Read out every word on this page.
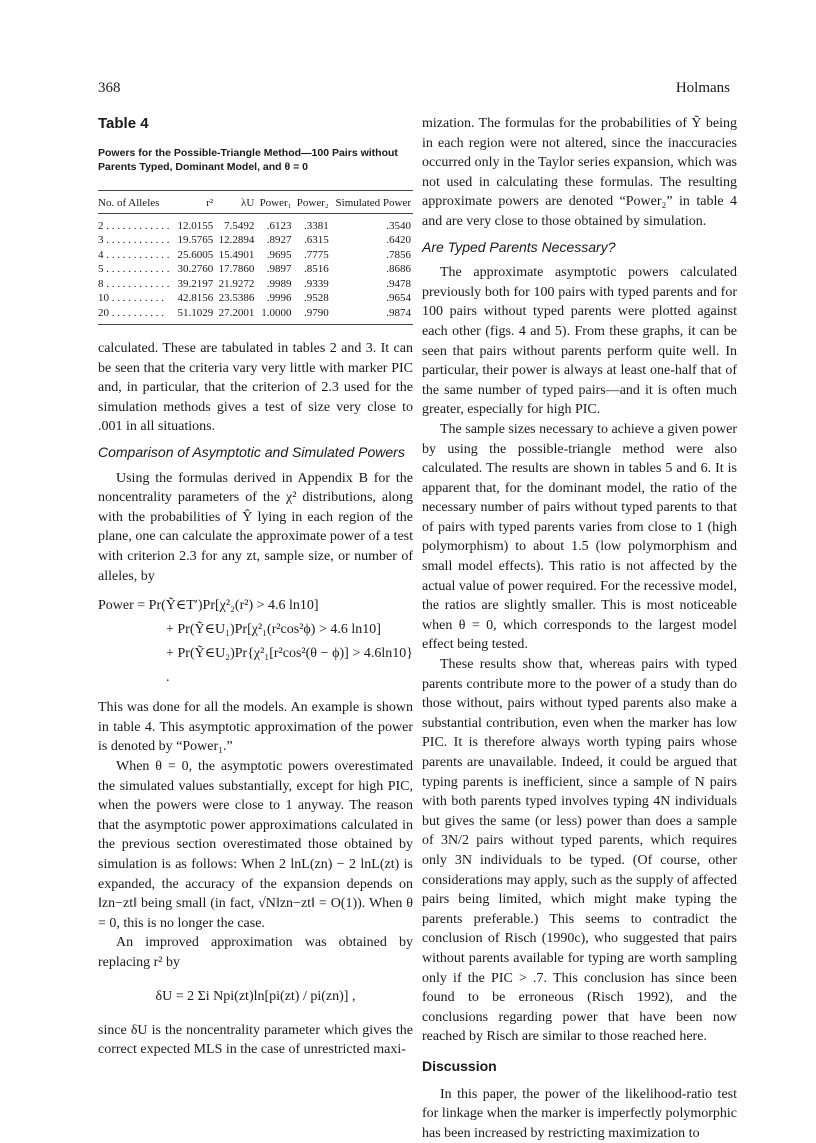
368	Holmans
Table 4
Powers for the Possible-Triangle Method—100 Pairs without Parents Typed, Dominant Model, and θ = 0
No. of Alleles	r²	λU	Power₁	Power₂	Simulated Power
2 . . . . . . . . . . . .	12.0155	7.5492	.6123	.3381	.3540
3 . . . . . . . . . . . .	19.5765	12.2894	.8927	.6315	.6420
4 . . . . . . . . . . . .	25.6005	15.4901	.9695	.7775	.7856
5 . . . . . . . . . . . .	30.2760	17.7860	.9897	.8516	.8686
8 . . . . . . . . . . . .	39.2197	21.9272	.9989	.9339	.9478
10 . . . . . . . . . .	42.8156	23.5386	.9996	.9528	.9654
20 . . . . . . . . . .	51.1029	27.2001	1.0000	.9790	.9874

calculated. These are tabulated in tables 2 and 3. It can be seen that the criteria vary very little with marker PIC and, in particular, that the criterion of 2.3 used for the simulation methods gives a test of size very close to .001 in all situations.

Comparison of Asymptotic and Simulated Powers

Using the formulas derived in Appendix B for the noncentrality parameters of the χ² distributions, along with the probabilities of Ŷ lying in each region of the plane, one can calculate the approximate power of a test with criterion 2.3 for any zt, sample size, or number of alleles, by

Power = Pr(Ỹ∈T′)Pr[χ²₂(r²) > 4.6 ln10]
+ Pr(Ỹ∈U₁)Pr[χ²₁(r²cos²ϕ) > 4.6 ln10]
+ Pr(Ỹ∈U₂)Pr{χ²₁[r²cos²(θ − ϕ)] > 4.6ln10} .

This was done for all the models. An example is shown in table 4. This asymptotic approximation of the power is denoted by “Power₁.”

When θ = 0, the asymptotic powers overestimated the simulated values substantially, except for high PIC, when the powers were close to 1 anyway. The reason that the asymptotic power approximations calculated in the previous section overestimated those obtained by simulation is as follows: When 2 lnL(zn) − 2 lnL(zt) is expanded, the accuracy of the expansion depends on ‖zn−zt‖ being small (in fact, √N‖zn−zt‖ = O(1)). When θ = 0, this is no longer the case.

An improved approximation was obtained by replacing r² by

δU = 2 Σi Npi(zt)ln[pi(zt) / pi(zn)] ,

since δU is the noncentrality parameter which gives the correct expected MLS in the case of unrestricted maxi-

mization. The formulas for the probabilities of Ỹ being in each region were not altered, since the inaccuracies occurred only in the Taylor series expansion, which was not used in calculating these formulas. The resulting approximate powers are denoted “Power₂” in table 4 and are very close to those obtained by simulation.

Are Typed Parents Necessary?

The approximate asymptotic powers calculated previously both for 100 pairs with typed parents and for 100 pairs without typed parents were plotted against each other (figs. 4 and 5). From these graphs, it can be seen that pairs without parents perform quite well. In particular, their power is always at least one-half that of the same number of typed pairs—and it is often much greater, especially for high PIC.

The sample sizes necessary to achieve a given power by using the possible-triangle method were also calculated. The results are shown in tables 5 and 6. It is apparent that, for the dominant model, the ratio of the necessary number of pairs without typed parents to that of pairs with typed parents varies from close to 1 (high polymorphism) to about 1.5 (low polymorphism and small model effects). This ratio is not affected by the actual value of power required. For the recessive model, the ratios are slightly smaller. This is most noticeable when θ = 0, which corresponds to the largest model effect being tested.

These results show that, whereas pairs with typed parents contribute more to the power of a study than do those without, pairs without typed parents also make a substantial contribution, even when the marker has low PIC. It is therefore always worth typing pairs whose parents are unavailable. Indeed, it could be argued that typing parents is inefficient, since a sample of N pairs with both parents typed involves typing 4N individuals but gives the same (or less) power than does a sample of 3N/2 pairs without typed parents, which requires only 3N individuals to be typed. (Of course, other considerations may apply, such as the supply of affected pairs being limited, which might make typing the parents preferable.) This seems to contradict the conclusion of Risch (1990c), who suggested that pairs without parents available for typing are worth sampling only if the PIC > .7. This conclusion has since been found to be erroneous (Risch 1992), and the conclusions regarding power that have been now reached by Risch are similar to those reached here.

Discussion

In this paper, the power of the likelihood-ratio test for linkage when the marker is imperfectly polymorphic has been increased by restricting maximization to
